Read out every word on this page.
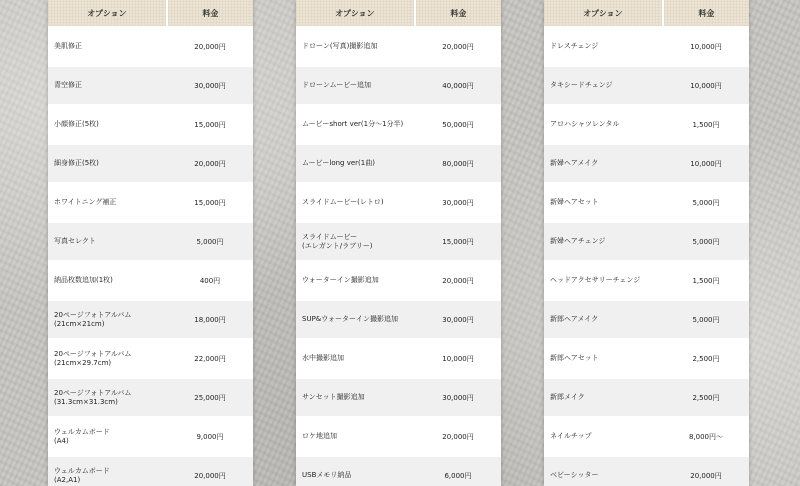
オプション	料金
美肌修正	20,000円
青空修正	30,000円
小顔修正(5枚)	15,000円
細身修正(5枚)	20,000円
ホワイトニング補正	15,000円
写真セレクト	5,000円
納品枚数追加(1枚)	400円
20ページフォトアルバム
(21cm×21cm)	18,000円
20ページフォトアルバム
(21cm×29.7cm)	22,000円
20ページフォトアルバム
(31.3cm×31.3cm)	25,000円
ウェルカムボード
(A4)	9,000円
ウェルカムボード
(A2,A1)	20,000円
オプション	料金
ドローン(写真)撮影追加	20,000円
ドローンムービー追加	40,000円
ムービーshort ver(1分〜1分半)	50,000円
ムービーlong ver(1曲)	80,000円
スライドムービー(レトロ)	30,000円
スライドムービー
(エレガント/ラブリー)	15,000円
ウォーターイン撮影追加	20,000円
SUP&ウォーターイン撮影追加	30,000円
水中撮影追加	10,000円
サンセット撮影追加	30,000円
ロケ地追加	20,000円
USBメモリ納品	6,000円
オプション	料金
ドレスチェンジ	10,000円
タキシードチェンジ	10,000円
アロハシャツレンタル	1,500円
新婦ヘアメイク	10,000円
新婦ヘアセット	5,000円
新婦ヘアチェンジ	5,000円
ヘッドアクセサリーチェンジ	1,500円
新郎ヘアメイク	5,000円
新郎ヘアセット	2,500円
新郎メイク	2,500円
ネイルチップ	8,000円〜
ベビーシッター	20,000円
